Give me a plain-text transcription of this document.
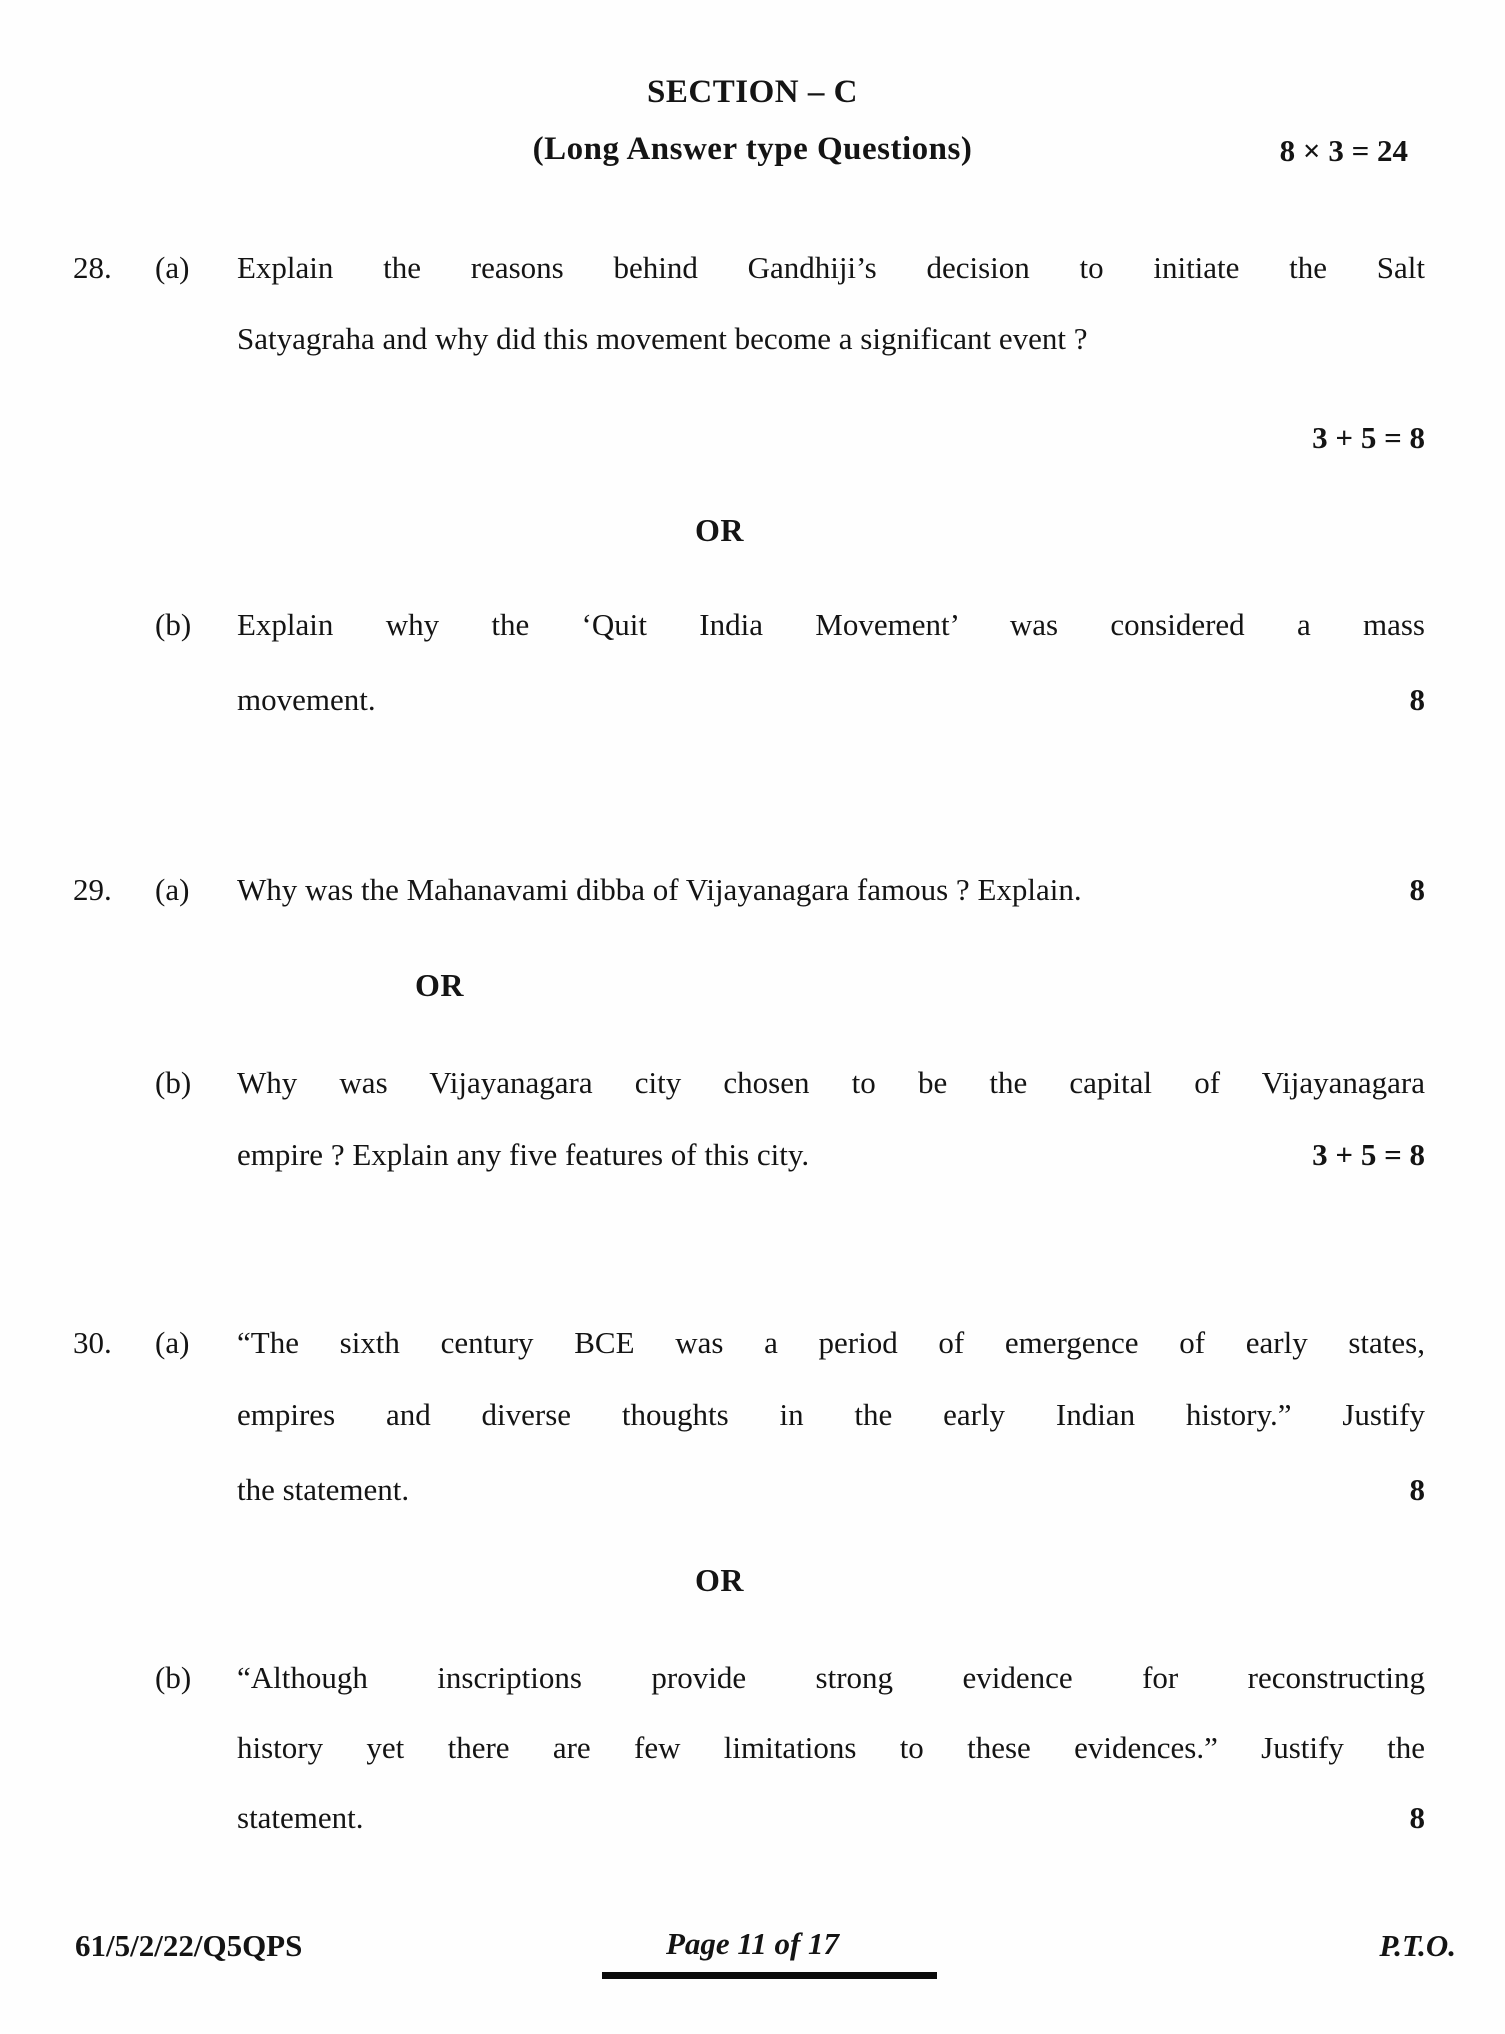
SECTION – C
(Long Answer type Questions)	8 × 3 = 24
28. (a) Explain the reasons behind Gandhiji’s decision to initiate the Salt
Satyagraha and why did this movement become a significant event ?
3 + 5 = 8
OR
(b) Explain why the ‘Quit India Movement’ was considered a mass
movement.	8
29. (a) Why was the Mahanavami dibba of Vijayanagara famous ? Explain.	8
OR
(b) Why was Vijayanagara city chosen to be the capital of Vijayanagara
empire ? Explain any five features of this city.	3 + 5 = 8
30. (a) “The sixth century BCE was a period of emergence of early states,
empires and diverse thoughts in the early Indian history.” Justify
the statement.	8
OR
(b) “Although inscriptions provide strong evidence for reconstructing
history yet there are few limitations to these evidences.” Justify the
statement.	8
61/5/2/22/Q5QPS	Page 11 of 17	P.T.O.
